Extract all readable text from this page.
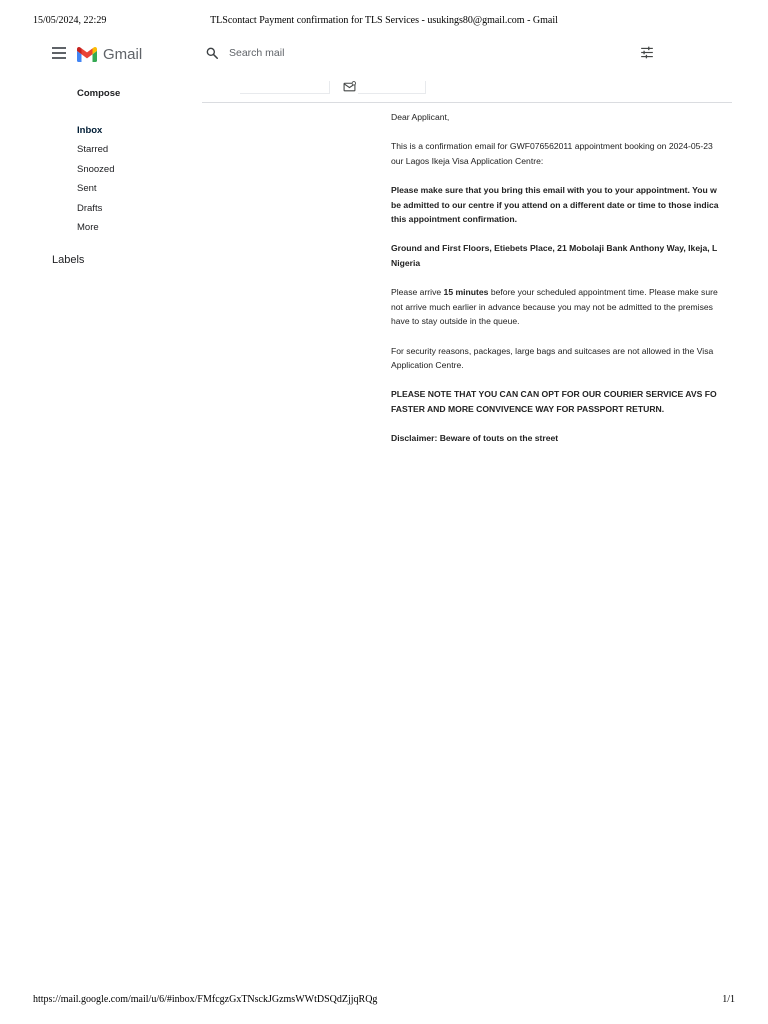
15/05/2024, 22:29	TLScontact Payment confirmation for TLS Services - usukings80@gmail.com - Gmail
Gmail
Search mail
Compose
Inbox
Starred
Snoozed
Sent
Drafts
More
Labels

Dear Applicant,

This is a confirmation email for GWF076562011 appointment booking on 2024-05-23
our Lagos Ikeja Visa Application Centre:

Please make sure that you bring this email with you to your appointment. You w
be admitted to our centre if you attend on a different date or time to those indica
this appointment confirmation.

Ground and First Floors, Etiebets Place, 21 Mobolaji Bank Anthony Way, Ikeja, L
Nigeria

Please arrive 15 minutes before your scheduled appointment time. Please make sure
not arrive much earlier in advance because you may not be admitted to the premises
have to stay outside in the queue.

For security reasons, packages, large bags and suitcases are not allowed in the Visa
Application Centre.

PLEASE NOTE THAT YOU CAN CAN OPT FOR OUR COURIER SERVICE AVS FO
FASTER AND MORE CONVIVENCE WAY FOR PASSPORT RETURN.

Disclaimer: Beware of touts on the street

https://mail.google.com/mail/u/6/#inbox/FMfcgzGxTNsckJGzmsWWtDSQdZjjqRQg	1/1
